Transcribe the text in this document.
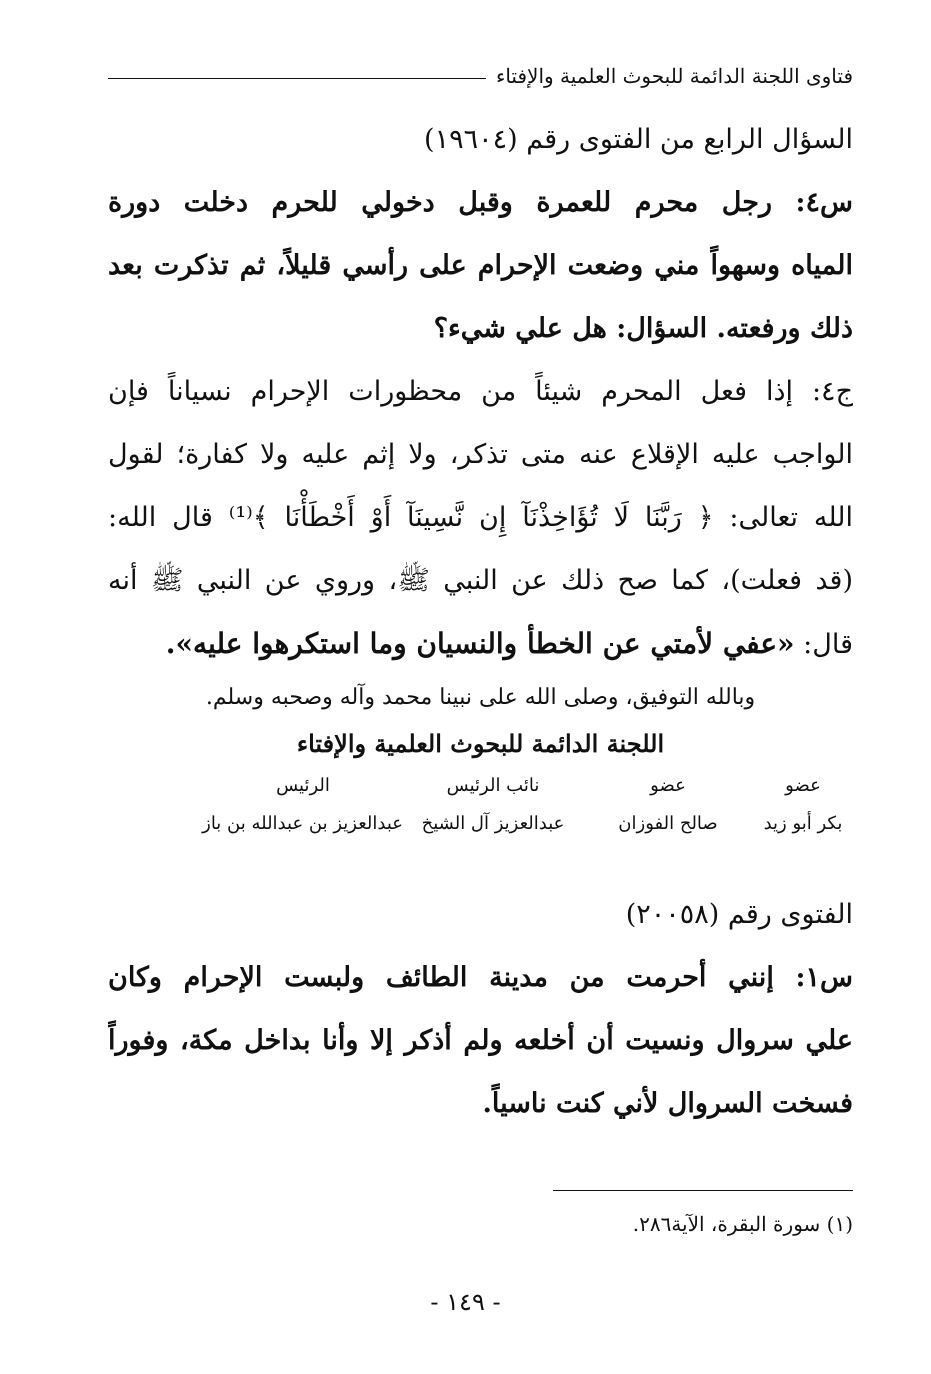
فتاوى اللجنة الدائمة للبحوث العلمية والإفتاء
السؤال الرابع من الفتوى رقم (١٩٦٠٤)
س٤: رجل محرم للعمرة وقبل دخولي للحرم دخلت دورة
المياه وسهواً مني وضعت الإحرام على رأسي قليلاً، ثم تذكرت بعد
ذلك ورفعته. السؤال: هل علي شيء؟
ج٤: إذا فعل المحرم شيئاً من محظورات الإحرام نسياناً فإن
الواجب عليه الإقلاع عنه متى تذكر، ولا إثم عليه ولا كفارة؛ لقول
الله تعالى: ﴿ رَبَّنَا لَا تُؤَاخِذْنَآ إِن نَّسِينَآ أَوْ أَخْطَأْنَا ﴾⁽¹⁾ قال الله:
(قد فعلت)، كما صح ذلك عن النبي ﷺ، وروي عن النبي ﷺ أنه
قال: «عفي لأمتي عن الخطأ والنسيان وما استكرهوا عليه».
وبالله التوفيق، وصلى الله على نبينا محمد وآله وصحبه وسلم.
اللجنة الدائمة للبحوث العلمية والإفتاء
عضو
عضو
نائب الرئيس
الرئيس
بكر أبو زيد
صالح الفوزان
عبدالعزيز آل الشيخ
عبدالعزيز بن عبدالله بن باز
الفتوى رقم (٢٠٠٥٨)
س١: إنني أحرمت من مدينة الطائف ولبست الإحرام وكان
علي سروال ونسيت أن أخلعه ولم أذكر إلا وأنا بداخل مكة، وفوراً
فسخت السروال لأني كنت ناسياً.
(١) سورة البقرة، الآية٢٨٦.
- ١٤٩ -
